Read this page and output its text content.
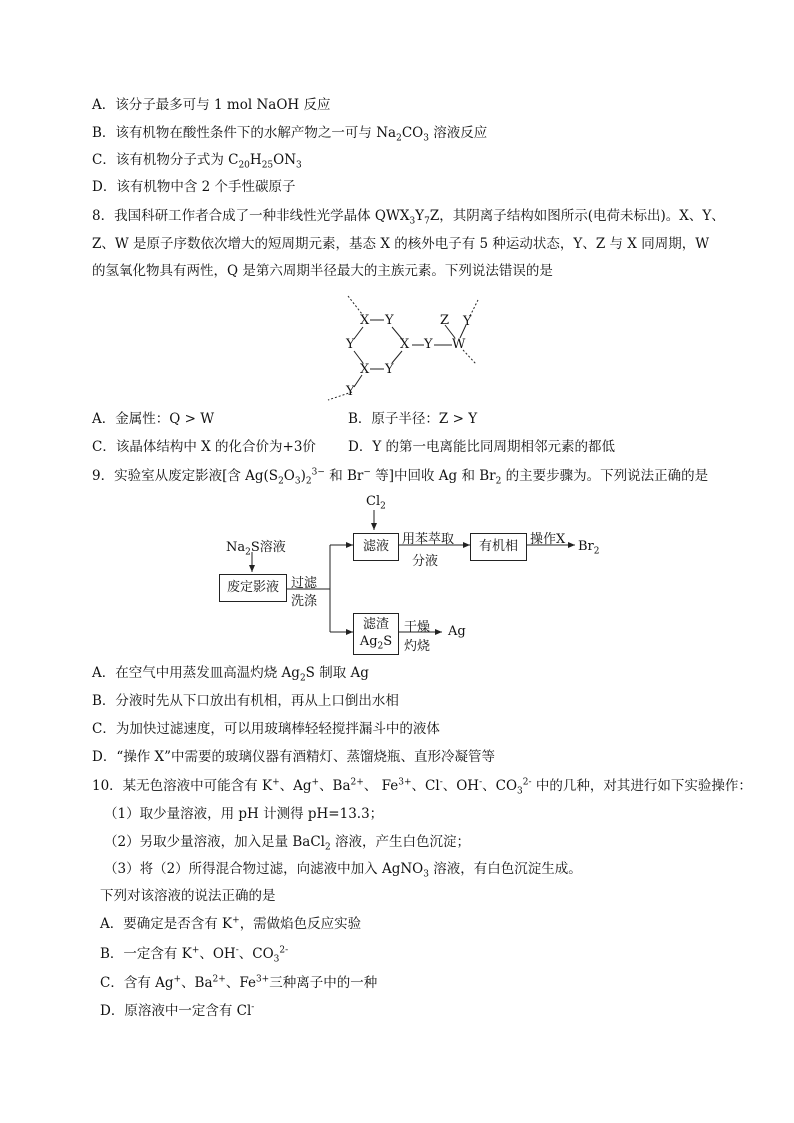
A．该分子最多可与 1 mol NaOH 反应
B．该有机物在酸性条件下的水解产物之一可与 $Na_2CO_3$ 溶液反应
C．该有机物分子式为 $C_{20}H_{25}ON_3$
D．该有机物中含 2 个手性碳原子
8．我国科研工作者合成了一种非线性光学晶体 $QWX_3Y_7Z$，其阴离子结构如图所示(电荷未标出)。X、Y、
Z、W 是原子序数依次增大的短周期元素，基态 X 的核外电子有 5 种运动状态，Y、Z 与 X 同周期，W
的氢氧化物具有两性，Q 是第六周期半径最大的主族元素。下列说法错误的是
X Y
Y	X
X Y
Y
Y
Z Y
W
A．金属性：Q > W	B．原子半径：Z > Y
C．该晶体结构中 X 的化合价为+3价 D．Y 的第一电离能比同周期相邻元素的都低
9．实验室从废定影液[含 $Ag(S_2O_3)_2^{3-}$ 和 Br− 等]中回收 Ag 和 $Br_2$ 的主要步骤为。下列说法正确的是
$Na_2S$溶液
废定影液 过滤
洗涤
$Cl_2$
滤液	用苯萃取
分液
有机相 操作X $Br_2$
滤渣
$Ag_2S$
干燥
灼烧
Ag
A．在空气中用蒸发皿高温灼烧 $Ag_2S$ 制取 Ag
B．分液时先从下口放出有机相，再从上口倒出水相
C．为加快过滤速度，可以用玻璃棒轻轻搅拌漏斗中的液体
D．“操作 X”中需要的玻璃仪器有酒精灯、蒸馏烧瓶、直形冷凝管等
10．某无色溶液中可能含有 K+、Ag+、$Ba^{2+}$、 $Fe^{3+}$、Cl-、OH-、$CO_3^{2-}$ 中的几种，对其进行如下实验操作：
（1）取少量溶液，用 pH 计测得 pH=13.3；
（2）另取少量溶液，加入足量 BaCl$_2$ 溶液，产生白色沉淀；
（3）将（2）所得混合物过滤，向滤液中加入 AgNO$_3$ 溶液，有白色沉淀生成。
下列对该溶液的说法正确的是
A．要确定是否含有 K+，需做焰色反应实验
B．一定含有 K+、OH-、$CO_3^{2-}$
C．含有 Ag+、$Ba^{2+}$、$Fe^{3+}$三种离子中的一种
D．原溶液中一定含有 Cl-
